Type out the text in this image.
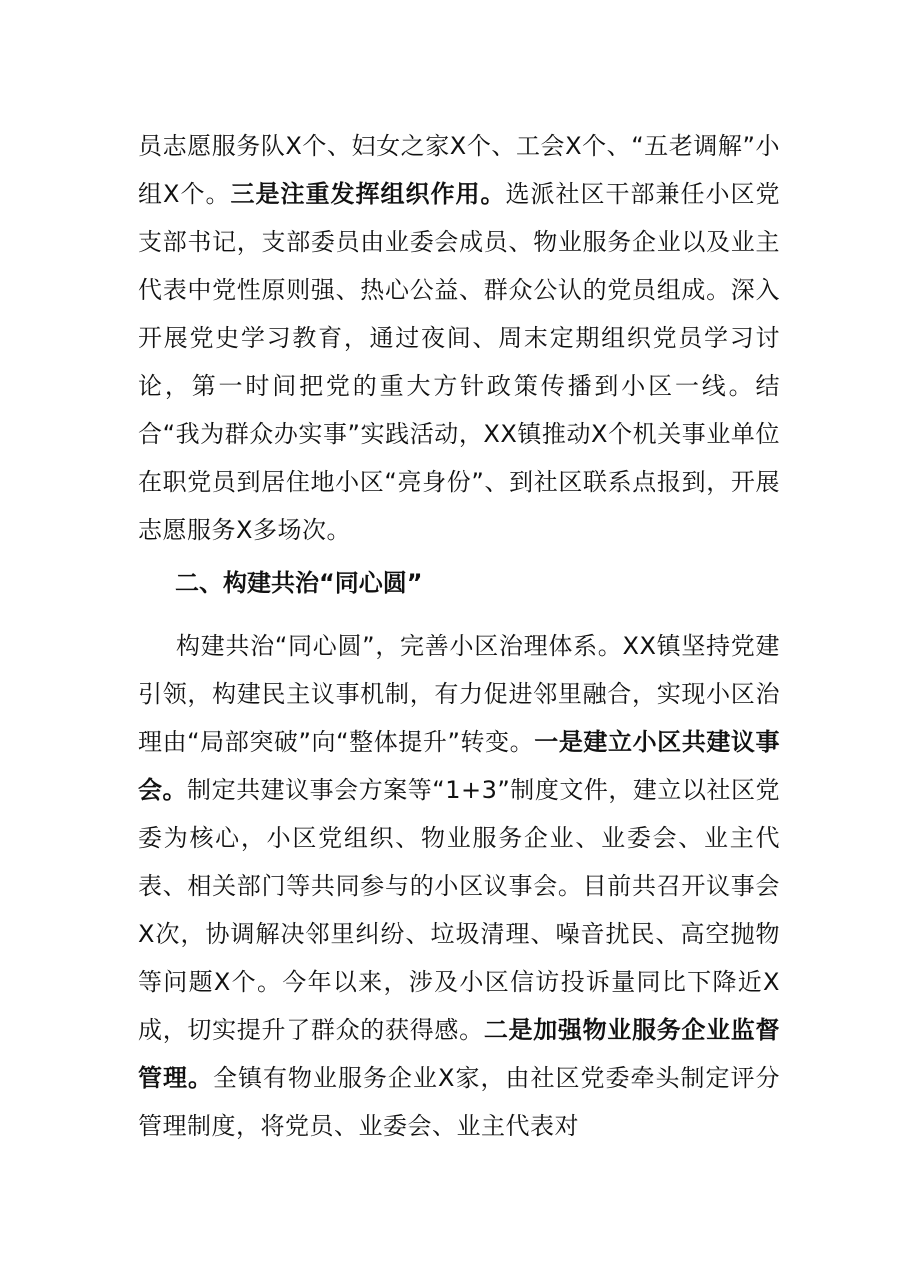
员志愿服务队Ⅹ个、妇女之家Ⅹ个、工会Ⅹ个、“五老调解”小组Ⅹ个。三是注重发挥组织作用。选派社区干部兼任小区党支部书记，支部委员由业委会成员、物业服务企业以及业主代表中党性原则强、热心公益、群众公认的党员组成。深入开展党史学习教育，通过夜间、周末定期组织党员学习讨论，第一时间把党的重大方针政策传播到小区一线。结合“我为群众办实事”实践活动，XX镇推动Ⅹ个机关事业单位在职党员到居住地小区“亮身份”、到社区联系点报到，开展志愿服务Ⅹ多场次。

二、构建共治“同心圆”

构建共治“同心圆”，完善小区治理体系。XX镇坚持党建引领，构建民主议事机制，有力促进邻里融合，实现小区治理由“局部突破”向“整体提升”转变。一是建立小区共建议事会。制定共建议事会方案等“1+3”制度文件，建立以社区党委为核心，小区党组织、物业服务企业、业委会、业主代表、相关部门等共同参与的小区议事会。目前共召开议事会Ⅹ次，协调解决邻里纠纷、垃圾清理、噪音扰民、高空抛物等问题Ⅹ个。今年以来，涉及小区信访投诉量同比下降近Ⅹ成，切实提升了群众的获得感。二是加强物业服务企业监督管理。全镇有物业服务企业Ⅹ家，由社区党委牵头制定评分管理制度，将党员、业委会、业主代表对
